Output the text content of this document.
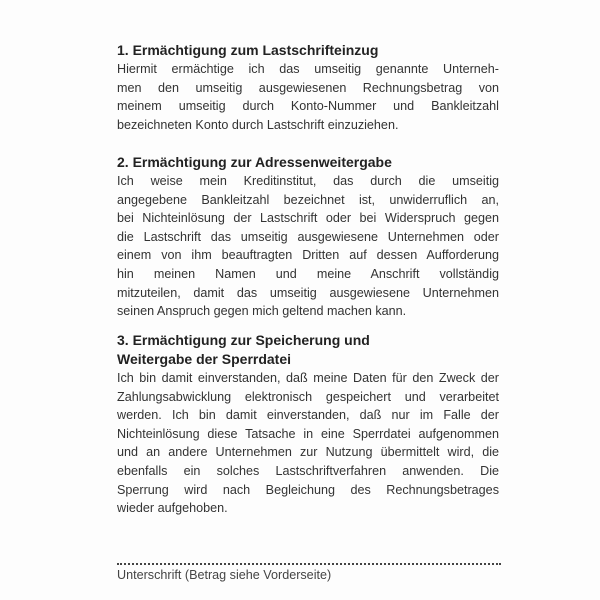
1. Ermächtigung zum Lastschrifteinzug

Hiermit ermächtige ich das umseitig genannte Unterneh-
men den umseitig ausgewiesenen Rechnungsbetrag von
meinem umseitig durch Konto-Nummer und Bankleitzahl
bezeichneten Konto durch Lastschrift einzuziehen.

2. Ermächtigung zur Adressenweitergabe

Ich weise mein Kreditinstitut, das durch die umseitig
angegebene Bankleitzahl bezeichnet ist, unwiderruflich an,
bei Nichteinlösung der Lastschrift oder bei Widerspruch gegen
die Lastschrift das umseitig ausgewiesene Unternehmen oder
einem von ihm beauftragten Dritten auf dessen Aufforderung
hin meinen Namen und meine Anschrift vollständig
mitzuteilen, damit das umseitig ausgewiesene Unternehmen
seinen Anspruch gegen mich geltend machen kann.

3. Ermächtigung zur Speicherung und
Weitergabe der Sperrdatei

Ich bin damit einverstanden, daß meine Daten für den Zweck der
Zahlungsabwicklung elektronisch gespeichert und verarbeitet
werden. Ich bin damit einverstanden, daß nur im Falle der
Nichteinlösung diese Tatsache in eine Sperrdatei aufgenommen
und an andere Unternehmen zur Nutzung übermittelt wird, die
ebenfalls ein solches Lastschriftverfahren anwenden. Die
Sperrung wird nach Begleichung des Rechnungsbetrages
wieder aufgehoben.
Unterschrift (Betrag siehe Vorderseite)
